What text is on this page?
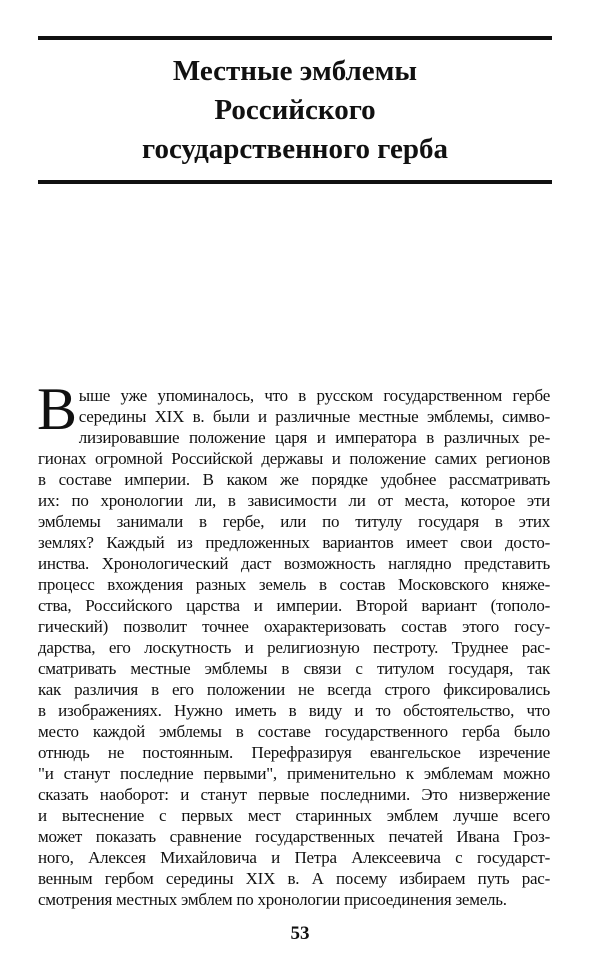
Местные эмблемы
Российского
государственного герба
В ыше уже упоминалось, что в русском государственном гербе
середины XIX в. были и различные местные эмблемы, симво-
лизировавшие положение царя и императора в различных ре-
гионах огромной Российской державы и положение самих регионов
в составе империи. В каком же порядке удобнее рассматривать
их: по хронологии ли, в зависимости ли от места, которое эти
эмблемы занимали в гербе, или по титулу государя в этих
землях? Каждый из предложенных вариантов имеет свои досто-
инства. Хронологический даст возможность наглядно представить
процесс вхождения разных земель в состав Московского княже-
ства, Российского царства и империи. Второй вариант (тополо-
гический) позволит точнее охарактеризовать состав этого госу-
дарства, его лоскутность и религиозную пестроту. Труднее рас-
сматривать местные эмблемы в связи с титулом государя, так
как различия в его положении не всегда строго фиксировались
в изображениях. Нужно иметь в виду и то обстоятельство, что
место каждой эмблемы в составе государственного герба было
отнюдь не постоянным. Перефразируя евангельское изречение
"и станут последние первыми", применительно к эмблемам можно
сказать наоборот: и станут первые последними. Это низвержение
и вытеснение с первых мест старинных эмблем лучше всего
может показать сравнение государственных печатей Ивана Гроз-
ного, Алексея Михайловича и Петра Алексеевича с государст-
венным гербом середины XIX в. А посему избираем путь рас-
смотрения местных эмблем по хронологии присоединения земель.
53
